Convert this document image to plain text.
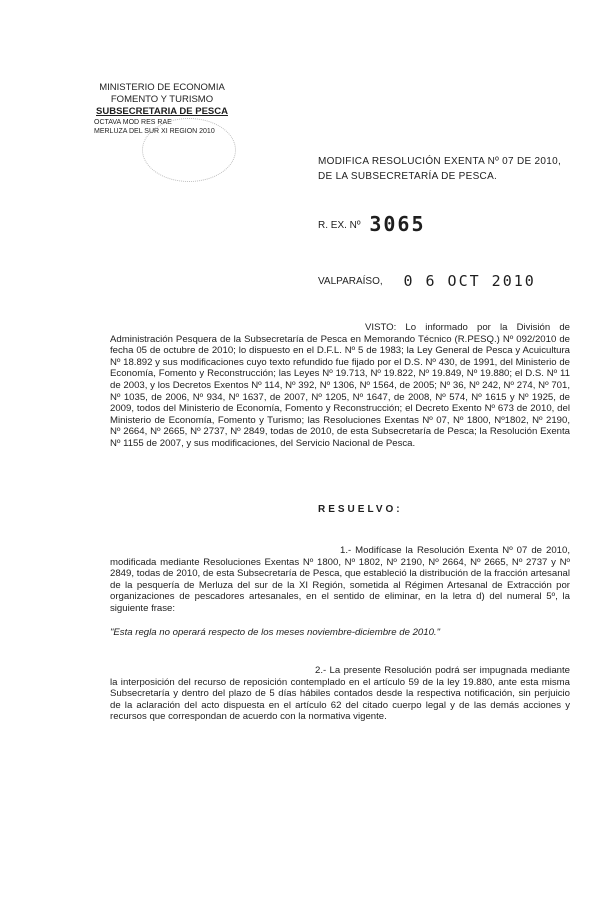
MINISTERIO DE ECONOMIA
FOMENTO Y TURISMO
SUBSECRETARIA DE PESCA
OCTAVA MOD RES RAE
MERLUZA DEL SUR XI REGION 2010
MODIFICA RESOLUCIÓN EXENTA Nº 07 DE 2010, DE LA SUBSECRETARÍA DE PESCA.
R. EX. Nº 3065
VALPARAÍSO, 0 6 OCT 2010
VISTO: Lo informado por la División de Administración Pesquera de la Subsecretaría de Pesca en Memorando Técnico (R.PESQ.) Nº 092/2010 de fecha 05 de octubre de 2010; lo dispuesto en el D.F.L. Nº 5 de 1983; la Ley General de Pesca y Acuicultura Nº 18.892 y sus modificaciones cuyo texto refundido fue fijado por el D.S. Nº 430, de 1991, del Ministerio de Economía, Fomento y Reconstrucción; las Leyes Nº 19.713, Nº 19.822, Nº 19.849, Nº 19.880; el D.S. Nº 11 de 2003, y los Decretos Exentos Nº 114, Nº 392, Nº 1306, Nº 1564, de 2005; Nº 36, Nº 242, Nº 274, Nº 701, Nº 1035, de 2006, Nº 934, Nº 1637, de 2007, Nº 1205, Nº 1647, de 2008, Nº 574, Nº 1615 y Nº 1925, de 2009, todos del Ministerio de Economía, Fomento y Reconstrucción; el Decreto Exento Nº 673 de 2010, del Ministerio de Economía, Fomento y Turismo; las Resoluciones Exentas Nº 07, Nº 1800, Nº1802, Nº 2190, Nº 2664, Nº 2665, Nº 2737, Nº 2849, todas de 2010, de esta Subsecretaría de Pesca; la Resolución Exenta Nº 1155 de 2007, y sus modificaciones, del Servicio Nacional de Pesca.
RESUELVO:
1.- Modifícase la Resolución Exenta Nº 07 de 2010, modificada mediante Resoluciones Exentas Nº 1800, Nº 1802, Nº 2190, Nº 2664, Nº 2665, Nº 2737 y Nº 2849, todas de 2010, de esta Subsecretaría de Pesca, que estableció la distribución de la fracción artesanal de la pesquería de Merluza del sur de la XI Región, sometida al Régimen Artesanal de Extracción por organizaciones de pescadores artesanales, en el sentido de eliminar, en la letra d) del numeral 5º, la siguiente frase:
"Esta regla no operará respecto de los meses noviembre-diciembre de 2010."
2.- La presente Resolución podrá ser impugnada mediante la interposición del recurso de reposición contemplado en el artículo 59 de la ley 19.880, ante esta misma Subsecretaría y dentro del plazo de 5 días hábiles contados desde la respectiva notificación, sin perjuicio de la aclaración del acto dispuesta en el artículo 62 del citado cuerpo legal y de las demás acciones y recursos que correspondan de acuerdo con la normativa vigente.
